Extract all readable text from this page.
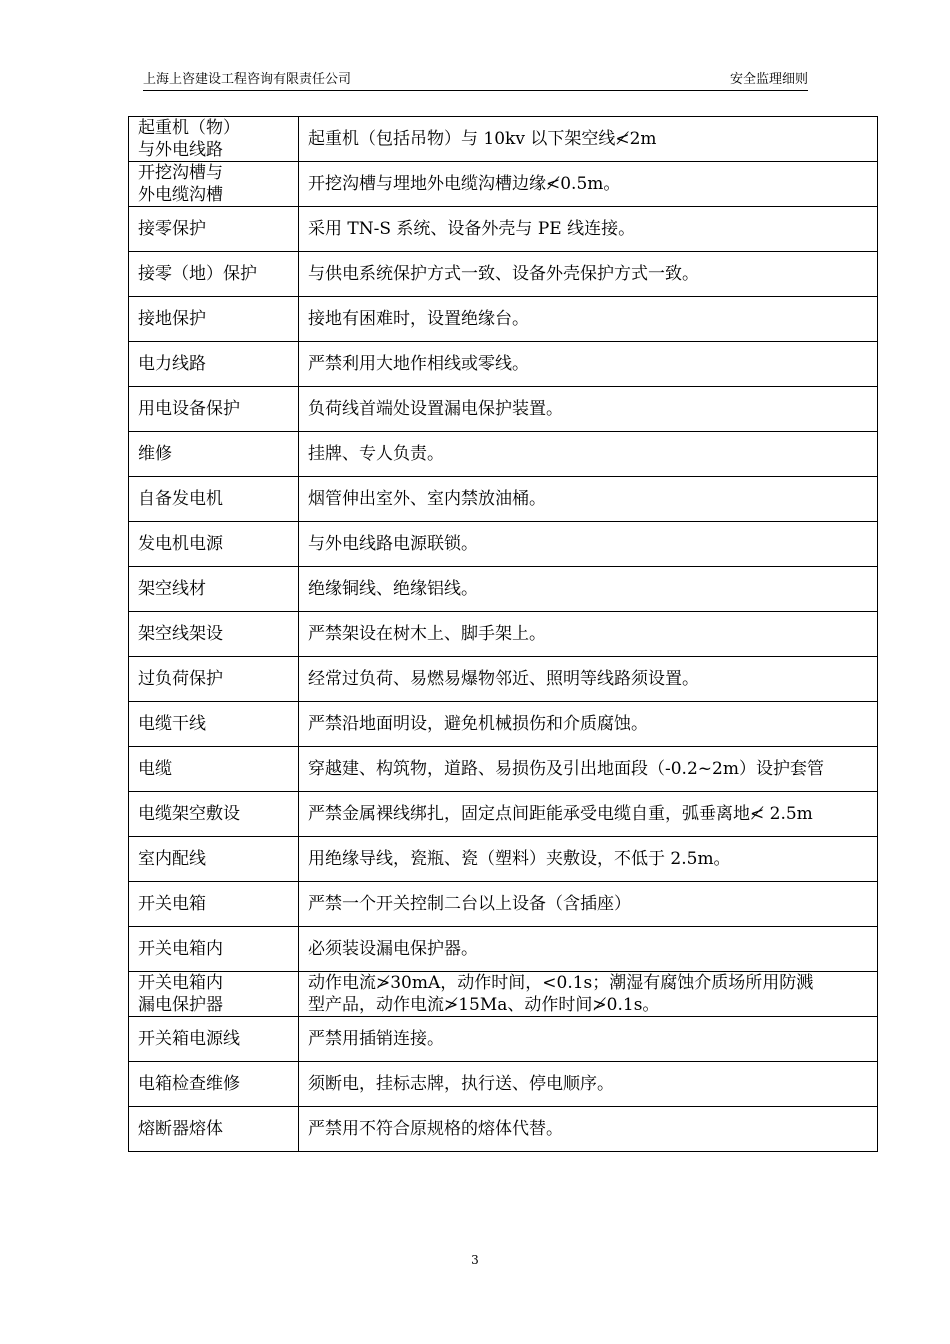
上海上咨建设工程咨询有限责任公司	安全监理细则
起重机（物）
与外电线路	起重机（包括吊物）与 10kv 以下架空线≮2m

开挖沟槽与
外电缆沟槽	开挖沟槽与埋地外电缆沟槽边缘≮0.5m。

接零保护	采用 TN-S 系统、设备外壳与 PE 线连接。

接零（地）保护	与供电系统保护方式一致、设备外壳保护方式一致。

接地保护	接地有困难时，设置绝缘台。

电力线路	严禁利用大地作相线或零线。

用电设备保护	负荷线首端处设置漏电保护装置。

维修	挂牌、专人负责。

自备发电机	烟管伸出室外、室内禁放油桶。

发电机电源	与外电线路电源联锁。

架空线材	绝缘铜线、绝缘铝线。

架空线架设	严禁架设在树木上、脚手架上。

过负荷保护	经常过负荷、易燃易爆物邻近、照明等线路须设置。

电缆干线	严禁沿地面明设，避免机械损伤和介质腐蚀。

电缆	穿越建、构筑物，道路、易损伤及引出地面段（-0.2~2m）设护套管

电缆架空敷设	严禁金属裸线绑扎，固定点间距能承受电缆自重，弧垂离地≮ 2.5m

室内配线	用绝缘导线，瓷瓶、瓷（塑料）夹敷设，不低于 2.5m。

开关电箱	严禁一个开关控制二台以上设备（含插座）

开关电箱内	必须装设漏电保护器。

开关电箱内
漏电保护器	动作电流≯30mA，动作时间，<0.1s；潮湿有腐蚀介质场所用防溅
型产品，动作电流≯15Ma、动作时间≯0.1s。

开关箱电源线	严禁用插销连接。

电箱检查维修	须断电，挂标志牌，执行送、停电顺序。

熔断器熔体	严禁用不符合原规格的熔体代替。
3
